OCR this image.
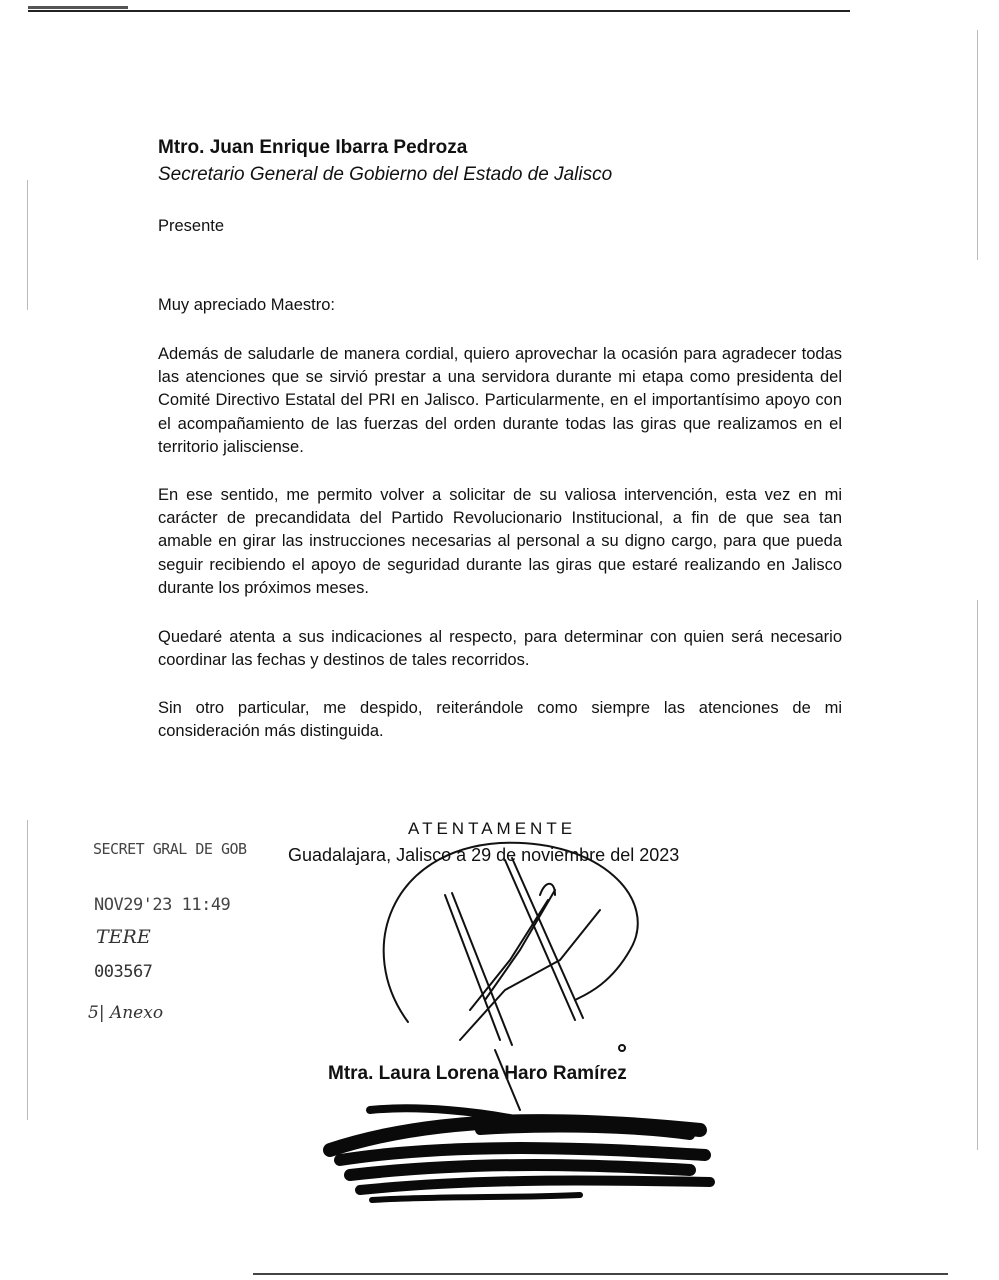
Mtro. Juan Enrique Ibarra Pedroza
Secretario General de Gobierno del Estado de Jalisco
Presente
Muy apreciado Maestro:

Además de saludarle de manera cordial, quiero aprovechar la ocasión para agradecer todas las atenciones que se sirvió prestar a una servidora durante mi etapa como presidenta del Comité Directivo Estatal del PRI en Jalisco. Particularmente, en el importantísimo apoyo con el acompañamiento de las fuerzas del orden durante todas las giras que realizamos en el territorio jalisciense.

En ese sentido, me permito volver a solicitar de su valiosa intervención, esta vez en mi carácter de precandidata del Partido Revolucionario Institucional, a fin de que sea tan amable en girar las instrucciones necesarias al personal a su digno cargo, para que pueda seguir recibiendo el apoyo de seguridad durante las giras que estaré realizando en Jalisco durante los próximos meses.

Quedaré atenta a sus indicaciones al respecto, para determinar con quien será necesario coordinar las fechas y destinos de tales recorridos.

Sin otro particular, me despido, reiterándole como siempre las atenciones de mi consideración más distinguida.

ATENTAMENTE
Guadalajara, Jalisco a 29 de noviembre del 2023
Mtra. Laura Lorena Haro Ramírez
SECRET GRAL DE GOB
NOV29'23 11:49
TERE
003567
5| Anexo
